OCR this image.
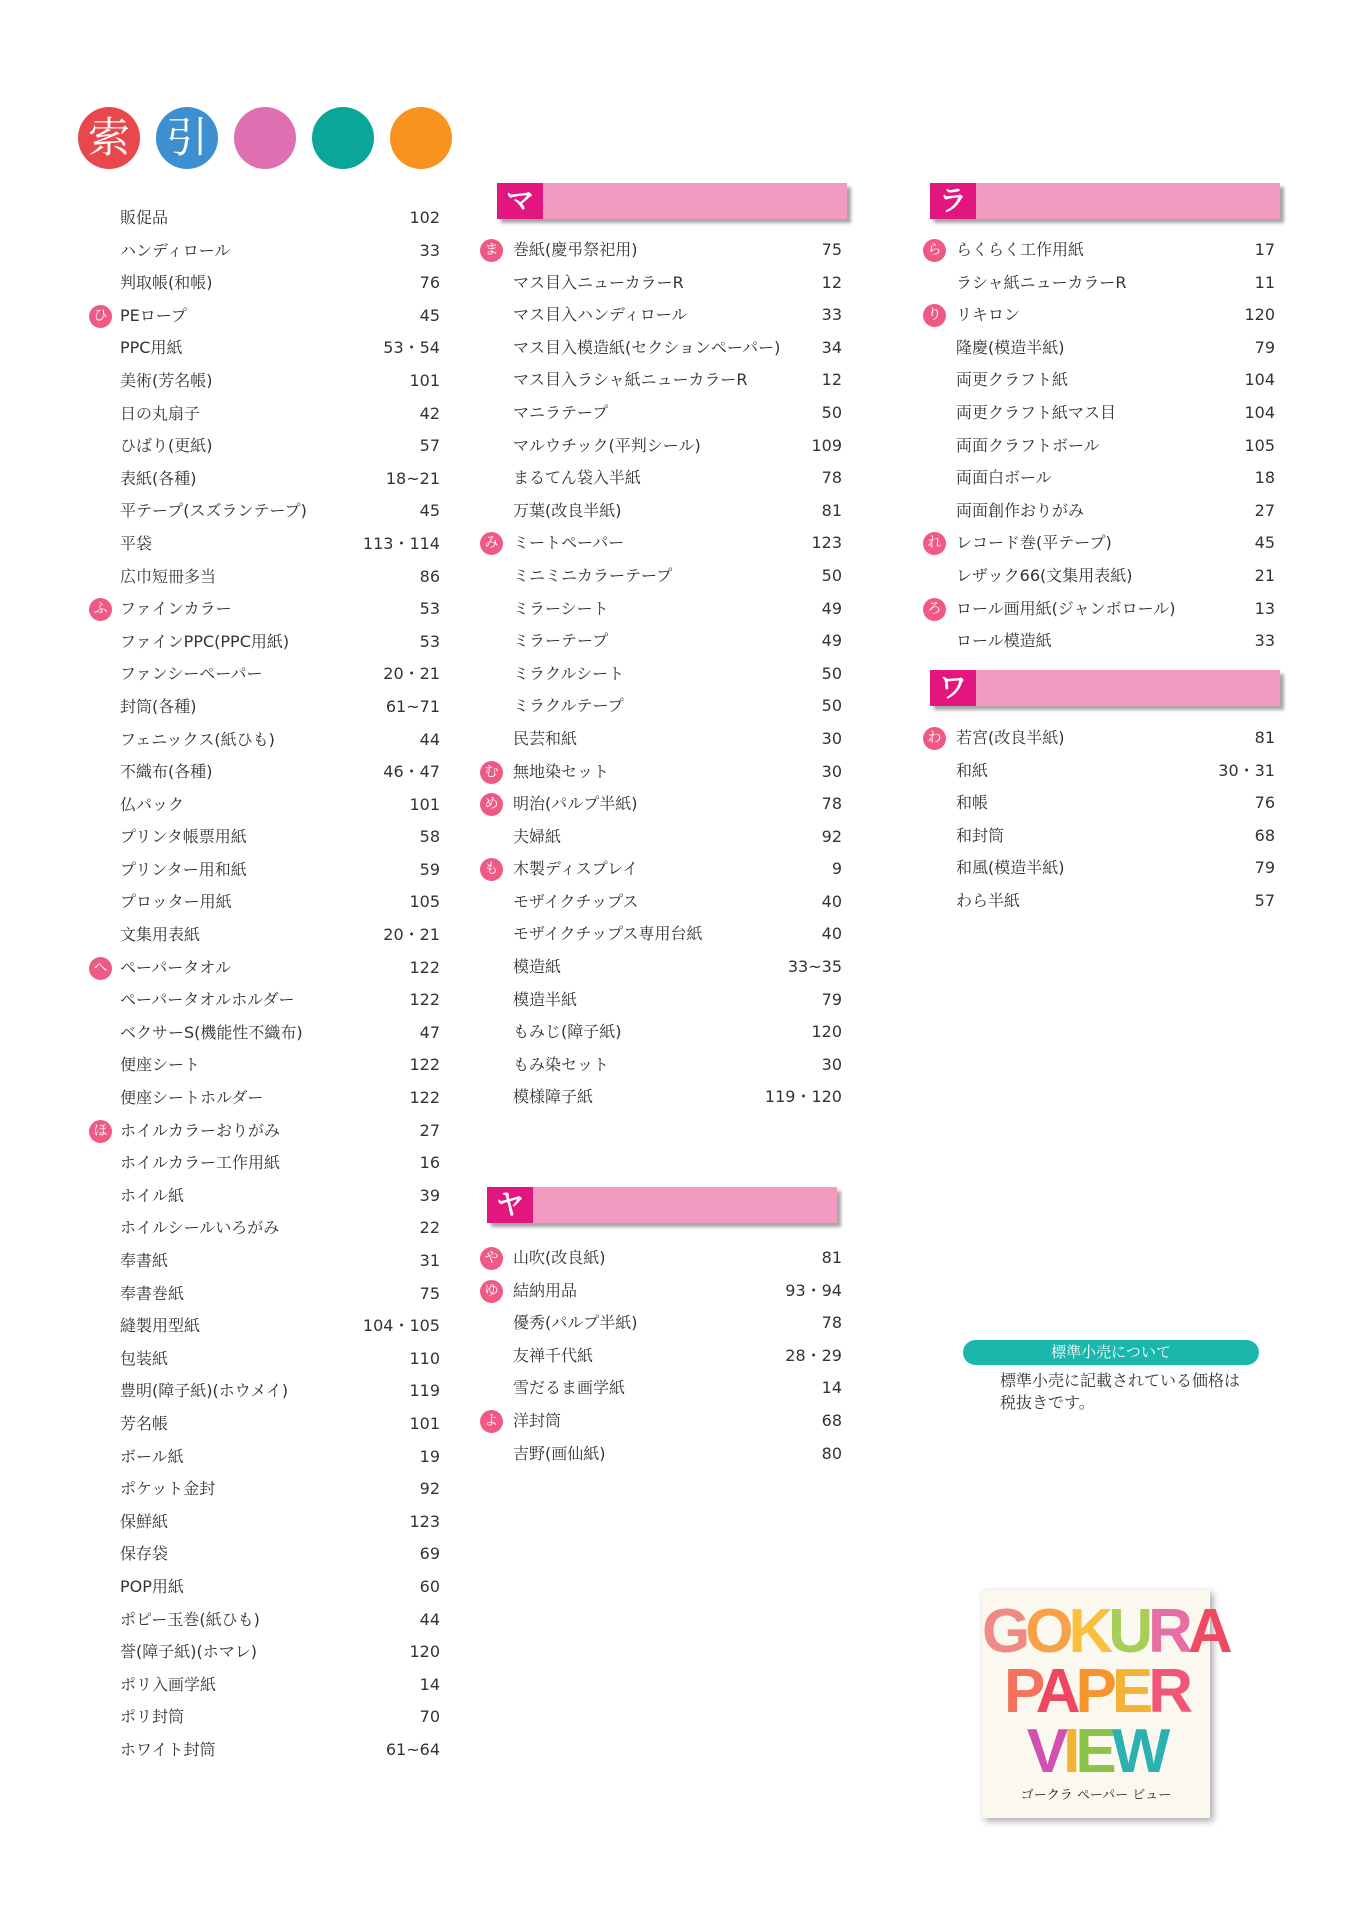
索 引
販促品	102
ハンディロール	33
判取帳(和帳)	76
ひ PEロープ	45
PPC用紙	53・54
美術(芳名帳)	101
日の丸扇子	42
ひばり(更紙)	57
表紙(各種)	18~21
平テープ(スズランテープ)	45
平袋	113・114
広巾短冊多当	86
ふ ファインカラー	53
ファインPPC(PPC用紙)	53
ファンシーペーパー	20・21
封筒(各種)	61~71
フェニックス(紙ひも)	44
不織布(各種)	46・47
仏パック	101
プリンタ帳票用紙	58
プリンター用和紙	59
プロッター用紙	105
文集用表紙	20・21
へ ペーパータオル	122
ペーパータオルホルダー	122
ベクサーS(機能性不織布)	47
便座シート	122
便座シートホルダー	122
ほ ホイルカラーおりがみ	27
ホイルカラー工作用紙	16
ホイル紙	39
ホイルシールいろがみ	22
奉書紙	31
奉書巻紙	75
縫製用型紙	104・105
包装紙	110
豊明(障子紙)(ホウメイ)	119
芳名帳	101
ボール紙	19
ポケット金封	92
保鮮紙	123
保存袋	69
POP用紙	60
ポピー玉巻(紙ひも)	44
誉(障子紙)(ホマレ)	120
ポリ入画学紙	14
ポリ封筒	70
ホワイト封筒	61~64
マ
ま 巻紙(慶弔祭祀用)	75
マス目入ニューカラーR	12
マス目入ハンディロール	33
マス目入模造紙(セクションペーパー)	34
マス目入ラシャ紙ニューカラーR	12
マニラテープ	50
マルウチック(平判シール)	109
まるてん袋入半紙	78
万葉(改良半紙)	81
み ミートペーパー	123
ミニミニカラーテープ	50
ミラーシート	49
ミラーテープ	49
ミラクルシート	50
ミラクルテープ	50
民芸和紙	30
む 無地染セット	30
め 明治(パルプ半紙)	78
夫婦紙	92
も 木製ディスプレイ	9
モザイクチップス	40
モザイクチップス専用台紙	40
模造紙	33~35
模造半紙	79
もみじ(障子紙)	120
もみ染セット	30
模様障子紙	119・120
ヤ
や 山吹(改良紙)	81
ゆ 結納用品	93・94
優秀(パルプ半紙)	78
友禅千代紙	28・29
雪だるま画学紙	14
よ 洋封筒	68
吉野(画仙紙)	80
ラ
ら らくらく工作用紙	17
ラシャ紙ニューカラーR	11
り リキロン	120
隆慶(模造半紙)	79
両更クラフト紙	104
両更クラフト紙マス目	104
両面クラフトボール	105
両面白ボール	18
両面創作おりがみ	27
れ レコード巻(平テープ)	45
レザック66(文集用表紙)	21
ろ ロール画用紙(ジャンボロール)	13
ロール模造紙	33
ワ
わ 若宮(改良半紙)	81
和紙	30・31
和帳	76
和封筒	68
和風(模造半紙)	79
わら半紙	57
標準小売について
標準小売に記載されている価格は税抜きです。
GOKURA
PAPER
VIEW
ゴークラ ペーパー ビュー
